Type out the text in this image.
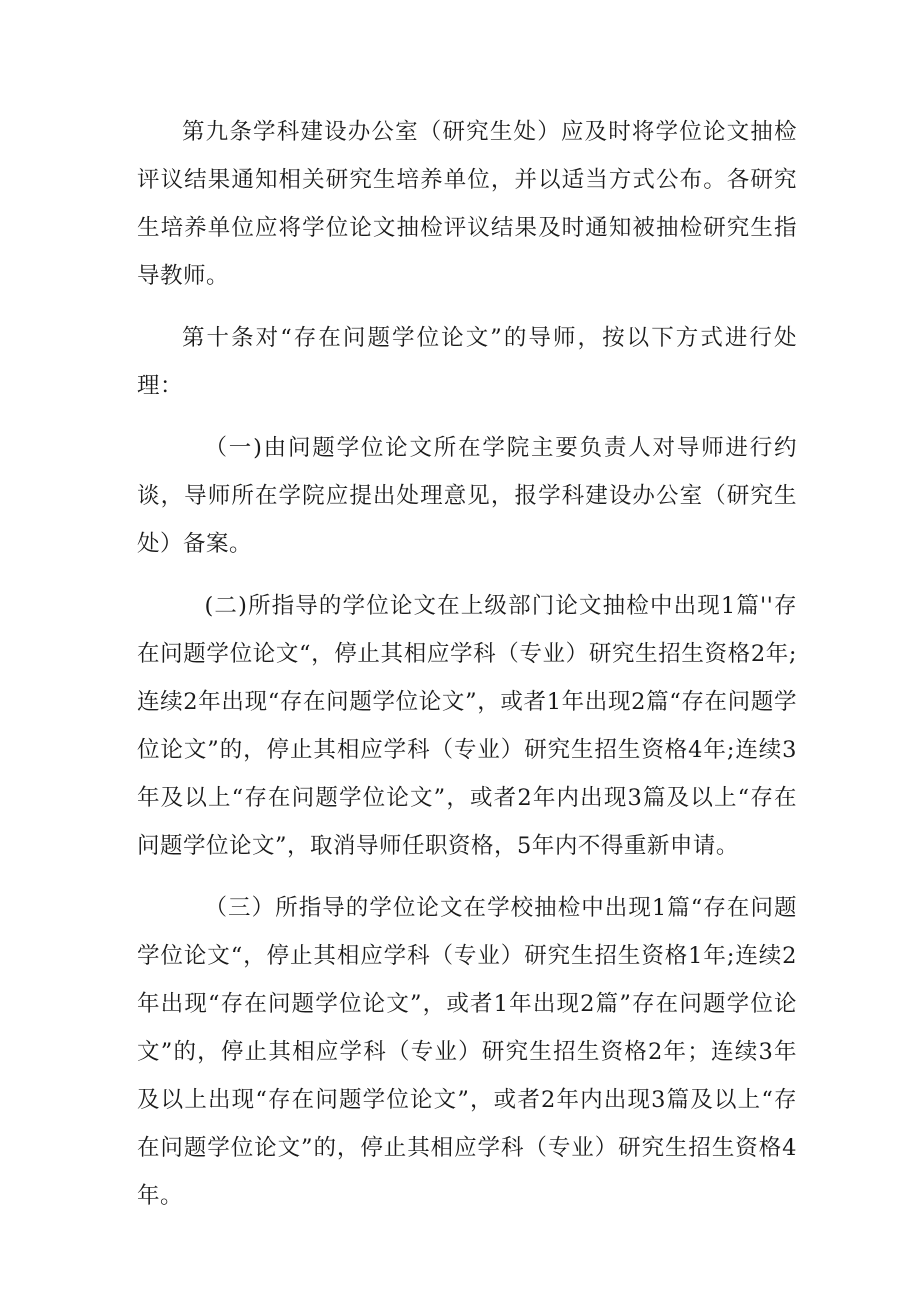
第九条学科建设办公室（研究生处）应及时将学位论文抽检评议结果通知相关研究生培养单位，并以适当方式公布。各研究生培养单位应将学位论文抽检评议结果及时通知被抽检研究生指导教师。

第十条对“存在问题学位论文”的导师，按以下方式进行处理：

（一)由问题学位论文所在学院主要负责人对导师进行约谈，导师所在学院应提出处理意见，报学科建设办公室（研究生处）备案。

(二)所指导的学位论文在上级部门论文抽检中出现1篇''存在问题学位论文“，停止其相应学科（专业）研究生招生资格2年;连续2年出现“存在问题学位论文”，或者1年出现2篇“存在问题学位论文”的，停止其相应学科（专业）研究生招生资格4年;连续3年及以上“存在问题学位论文”，或者2年内出现3篇及以上“存在问题学位论文”，取消导师任职资格，5年内不得重新申请。

（三）所指导的学位论文在学校抽检中出现1篇“存在问题学位论文“，停止其相应学科（专业）研究生招生资格1年;连续2年出现“存在问题学位论文”，或者1年出现2篇”存在问题学位论文”的，停止其相应学科（专业）研究生招生资格2年；连续3年及以上出现“存在问题学位论文”，或者2年内出现3篇及以上“存在问题学位论文”的，停止其相应学科（专业）研究生招生资格4年。
